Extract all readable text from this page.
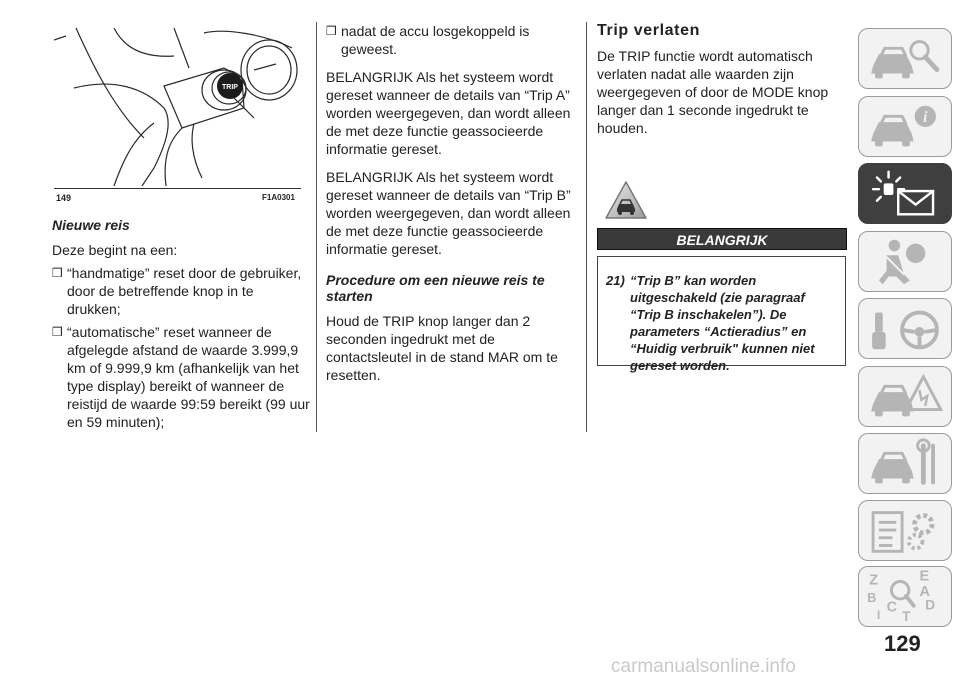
TRIP
149	F1A0301

Nieuwe reis

Deze begint na een:

❒ “handmatige” reset door de gebruiker, door de betreffende knop in te drukken;
❒ “automatische” reset wanneer de afgelegde afstand de waarde 3.999,9 km of 9.999,9 km (afhankelijk van het type display) bereikt of wanneer de reistijd de waarde 99:59 bereikt (99 uur en 59 minuten);
❒ nadat de accu losgekoppeld is geweest.

BELANGRIJK Als het systeem wordt gereset wanneer de details van “Trip A” worden weergegeven, dan wordt alleen de met deze functie geassocieerde informatie gereset.

BELANGRIJK Als het systeem wordt gereset wanneer de details van “Trip B” worden weergegeven, dan wordt alleen de met deze functie geassocieerde informatie gereset.

Procedure om een nieuwe reis te starten

Houd de TRIP knop langer dan 2 seconden ingedrukt met de contactsleutel in de stand MAR om te resetten.

Trip verlaten

De TRIP functie wordt automatisch verlaten nadat alle waarden zijn weergegeven of door de MODE knop langer dan 1 seconde ingedrukt te houden.

BELANGRIJK
21) “Trip B” kan worden uitgeschakeld (zie paragraaf “Trip B inschakelen”). De parameters “Actieradius” en “Huidig verbruik" kunnen niet gereset worden.
i
Z	E
A
B
C D
T
I
129
carmanualsonline.info
